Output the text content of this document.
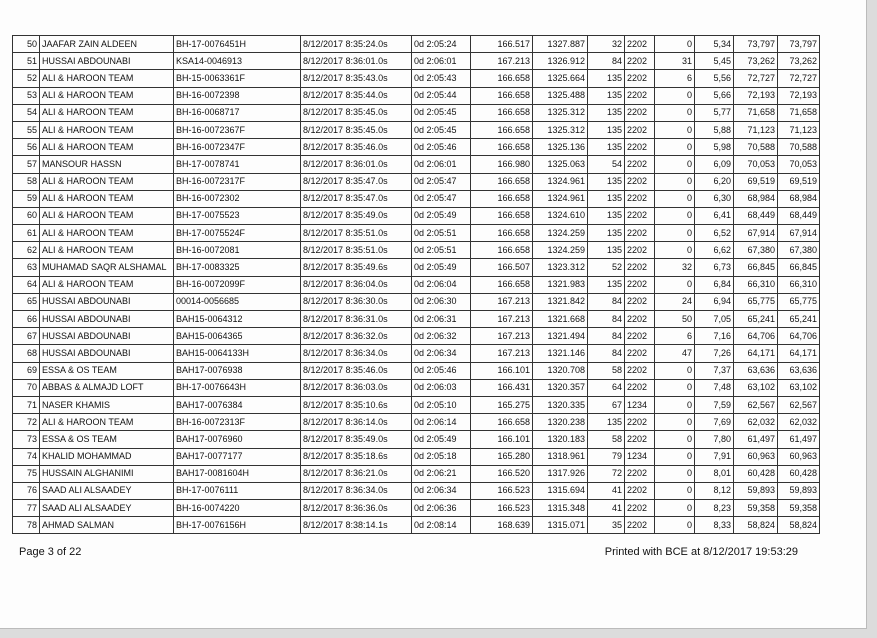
50	JAAFAR ZAIN ALDEEN	BH-17-0076451H	8/12/2017 8:35:24.0s	0d 2:05:24	166.517	1327.887	32	2202	0	5,34	73,797	73,797
51	HUSSAI ABDOUNABI	KSA14-0046913	8/12/2017 8:36:01.0s	0d 2:06:01	167.213	1326.912	84	2202	31	5,45	73,262	73,262
52	ALI & HAROON TEAM	BH-15-0063361F	8/12/2017 8:35:43.0s	0d 2:05:43	166.658	1325.664	135	2202	6	5,56	72,727	72,727
53	ALI & HAROON TEAM	BH-16-0072398	8/12/2017 8:35:44.0s	0d 2:05:44	166.658	1325.488	135	2202	0	5,66	72,193	72,193
54	ALI & HAROON TEAM	BH-16-0068717	8/12/2017 8:35:45.0s	0d 2:05:45	166.658	1325.312	135	2202	0	5,77	71,658	71,658
55	ALI & HAROON TEAM	BH-16-0072367F	8/12/2017 8:35:45.0s	0d 2:05:45	166.658	1325.312	135	2202	0	5,88	71,123	71,123
56	ALI & HAROON TEAM	BH-16-0072347F	8/12/2017 8:35:46.0s	0d 2:05:46	166.658	1325.136	135	2202	0	5,98	70,588	70,588
57	MANSOUR HASSN	BH-17-0078741	8/12/2017 8:36:01.0s	0d 2:06:01	166.980	1325.063	54	2202	0	6,09	70,053	70,053
58	ALI & HAROON TEAM	BH-16-0072317F	8/12/2017 8:35:47.0s	0d 2:05:47	166.658	1324.961	135	2202	0	6,20	69,519	69,519
59	ALI & HAROON TEAM	BH-16-0072302	8/12/2017 8:35:47.0s	0d 2:05:47	166.658	1324.961	135	2202	0	6,30	68,984	68,984
60	ALI & HAROON TEAM	BH-17-0075523	8/12/2017 8:35:49.0s	0d 2:05:49	166.658	1324.610	135	2202	0	6,41	68,449	68,449
61	ALI & HAROON TEAM	BH-17-0075524F	8/12/2017 8:35:51.0s	0d 2:05:51	166.658	1324.259	135	2202	0	6,52	67,914	67,914
62	ALI & HAROON TEAM	BH-16-0072081	8/12/2017 8:35:51.0s	0d 2:05:51	166.658	1324.259	135	2202	0	6,62	67,380	67,380
63	MUHAMAD SAQR ALSHAMAL	BH-17-0083325	8/12/2017 8:35:49.6s	0d 2:05:49	166.507	1323.312	52	2202	32	6,73	66,845	66,845
64	ALI & HAROON TEAM	BH-16-0072099F	8/12/2017 8:36:04.0s	0d 2:06:04	166.658	1321.983	135	2202	0	6,84	66,310	66,310
65	HUSSAI ABDOUNABI	00014-0056685	8/12/2017 8:36:30.0s	0d 2:06:30	167.213	1321.842	84	2202	24	6,94	65,775	65,775
66	HUSSAI ABDOUNABI	BAH15-0064312	8/12/2017 8:36:31.0s	0d 2:06:31	167.213	1321.668	84	2202	50	7,05	65,241	65,241
67	HUSSAI ABDOUNABI	BAH15-0064365	8/12/2017 8:36:32.0s	0d 2:06:32	167.213	1321.494	84	2202	6	7,16	64,706	64,706
68	HUSSAI ABDOUNABI	BAH15-0064133H	8/12/2017 8:36:34.0s	0d 2:06:34	167.213	1321.146	84	2202	47	7,26	64,171	64,171
69	ESSA & OS TEAM	BAH17-0076938	8/12/2017 8:35:46.0s	0d 2:05:46	166.101	1320.708	58	2202	0	7,37	63,636	63,636
70	ABBAS & ALMAJD LOFT	BH-17-0076643H	8/12/2017 8:36:03.0s	0d 2:06:03	166.431	1320.357	64	2202	0	7,48	63,102	63,102
71	NASER KHAMIS	BAH17-0076384	8/12/2017 8:35:10.6s	0d 2:05:10	165.275	1320.335	67	1234	0	7,59	62,567	62,567
72	ALI & HAROON TEAM	BH-16-0072313F	8/12/2017 8:36:14.0s	0d 2:06:14	166.658	1320.238	135	2202	0	7,69	62,032	62,032
73	ESSA & OS TEAM	BAH17-0076960	8/12/2017 8:35:49.0s	0d 2:05:49	166.101	1320.183	58	2202	0	7,80	61,497	61,497
74	KHALID MOHAMMAD	BAH17-0077177	8/12/2017 8:35:18.6s	0d 2:05:18	165.280	1318.961	79	1234	0	7,91	60,963	60,963
75	HUSSAIN ALGHANIMI	BAH17-0081604H	8/12/2017 8:36:21.0s	0d 2:06:21	166.520	1317.926	72	2202	0	8,01	60,428	60,428
76	SAAD ALI ALSAADEY	BH-17-0076111	8/12/2017 8:36:34.0s	0d 2:06:34	166.523	1315.694	41	2202	0	8,12	59,893	59,893
77	SAAD ALI ALSAADEY	BH-16-0074220	8/12/2017 8:36:36.0s	0d 2:06:36	166.523	1315.348	41	2202	0	8,23	59,358	59,358
78	AHMAD SALMAN	BH-17-0076156H	8/12/2017 8:38:14.1s	0d 2:08:14	168.639	1315.071	35	2202	0	8,33	58,824	58,824
Page 3 of 22	Printed with BCE at 8/12/2017 19:53:29
